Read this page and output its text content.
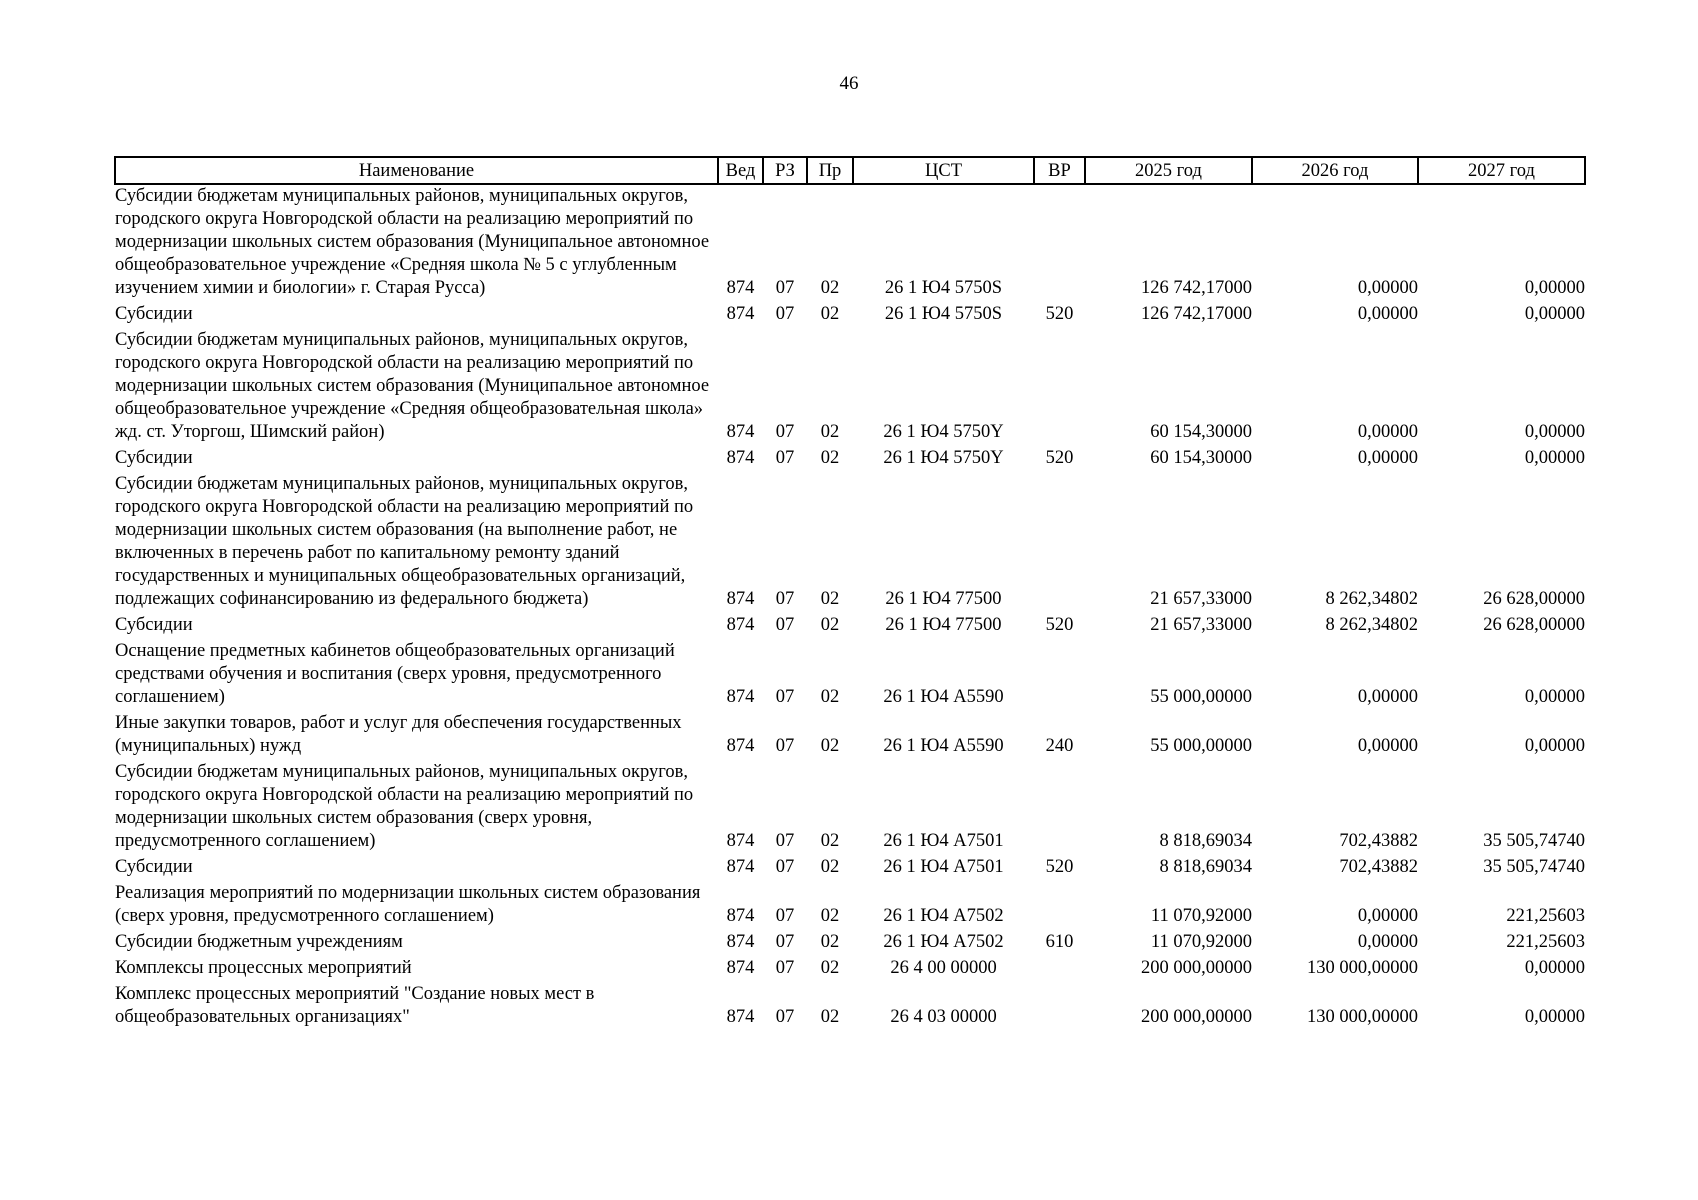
46
Наименование	Вед	РЗ	Пр	ЦСТ	ВР	2025 год	2026 год	2027 год
Субсидии бюджетам муниципальных районов, муниципальных округов, городского округа Новгородской области на реализацию мероприятий по модернизации школьных систем образования (Муниципальное автономное общеобразовательное учреждение «Средняя школа № 5 с углубленным изучением химии и биологии» г. Старая Русса)	874	07	02	26 1 Ю4 5750S		126 742,17000	0,00000	0,00000
Субсидии	874	07	02	26 1 Ю4 5750S	520	126 742,17000	0,00000	0,00000
Субсидии бюджетам муниципальных районов, муниципальных округов, городского округа Новгородской области на реализацию мероприятий по модернизации школьных систем образования (Муниципальное автономное общеобразовательное учреждение «Средняя общеобразовательная школа» жд. ст. Уторгош, Шимский район)	874	07	02	26 1 Ю4 5750Y		60 154,30000	0,00000	0,00000
Субсидии	874	07	02	26 1 Ю4 5750Y	520	60 154,30000	0,00000	0,00000
Субсидии бюджетам муниципальных районов, муниципальных округов, городского округа Новгородской области на реализацию мероприятий по модернизации школьных систем образования (на выполнение работ, не включенных в перечень работ по капитальному ремонту зданий государственных и муниципальных общеобразовательных организаций, подлежащих софинансированию из федерального бюджета)	874	07	02	26 1 Ю4 77500		21 657,33000	8 262,34802	26 628,00000
Субсидии	874	07	02	26 1 Ю4 77500	520	21 657,33000	8 262,34802	26 628,00000
Оснащение предметных кабинетов общеобразовательных организаций средствами обучения и воспитания (сверх уровня, предусмотренного соглашением)	874	07	02	26 1 Ю4 А5590		55 000,00000	0,00000	0,00000
Иные закупки товаров, работ и услуг для обеспечения государственных (муниципальных) нужд	874	07	02	26 1 Ю4 А5590	240	55 000,00000	0,00000	0,00000
Субсидии бюджетам муниципальных районов, муниципальных округов, городского округа Новгородской области на реализацию мероприятий по модернизации школьных систем образования (сверх уровня, предусмотренного соглашением)	874	07	02	26 1 Ю4 А7501		8 818,69034	702,43882	35 505,74740
Субсидии	874	07	02	26 1 Ю4 А7501	520	8 818,69034	702,43882	35 505,74740
Реализация мероприятий по модернизации школьных систем образования (сверх уровня, предусмотренного соглашением)	874	07	02	26 1 Ю4 А7502		11 070,92000	0,00000	221,25603
Субсидии бюджетным учреждениям	874	07	02	26 1 Ю4 А7502	610	11 070,92000	0,00000	221,25603
Комплексы процессных мероприятий	874	07	02	26 4 00 00000		200 000,00000	130 000,00000	0,00000
Комплекс процессных мероприятий "Создание новых мест в общеобразовательных организациях"	874	07	02	26 4 03 00000		200 000,00000	130 000,00000	0,00000
